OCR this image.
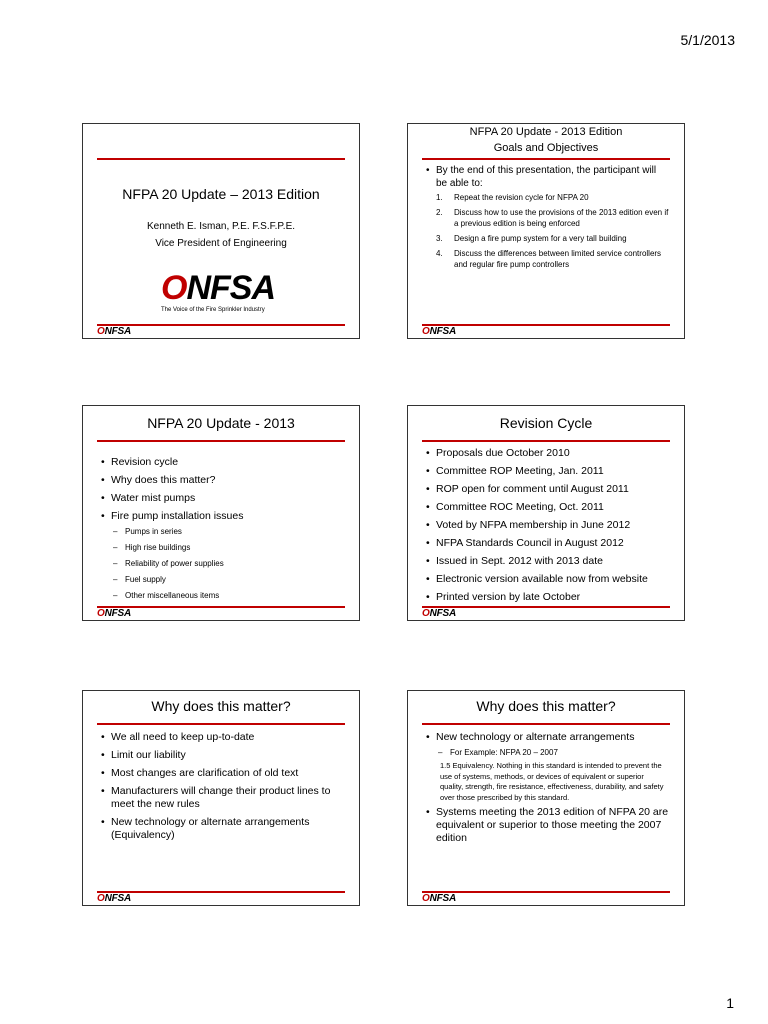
5/1/2013
NFPA 20 Update – 2013 Edition
Kenneth E. Isman, P.E. F.S.F.P.E.
Vice President of Engineering
ONFSA
The Voice of the Fire Sprinkler Industry
ONFSA
NFPA 20 Update - 2013 Edition
Goals and Objectives
• By the end of this presentation, the participant will be able to:
1. Repeat the revision cycle for NFPA 20
2. Discuss how to use the provisions of the 2013 edition even if a previous edition is being enforced
3. Design a fire pump system for a very tall building
4. Discuss the differences between limited service controllers and regular fire pump controllers
ONFSA
NFPA 20 Update - 2013
• Revision cycle
• Why does this matter?
• Water mist pumps
• Fire pump installation issues
– Pumps in series
– High rise buildings
– Reliability of power supplies
– Fuel supply
– Other miscellaneous items
ONFSA
Revision Cycle
• Proposals due October 2010
• Committee ROP Meeting, Jan. 2011
• ROP open for comment until August 2011
• Committee ROC Meeting, Oct. 2011
• Voted by NFPA membership in June 2012
• NFPA Standards Council in August 2012
• Issued in Sept. 2012 with 2013 date
• Electronic version available now from website
• Printed version by late October
ONFSA
Why does this matter?
• We all need to keep up-to-date
• Limit our liability
• Most changes are clarification of old text
• Manufacturers will change their product lines to meet the new rules
• New technology or alternate arrangements (Equivalency)
ONFSA
Why does this matter?
• New technology or alternate arrangements
– For Example: NFPA 20 – 2007
1.5 Equivalency. Nothing in this standard is intended to prevent the use of systems, methods, or devices of equivalent or superior quality, strength, fire resistance, effectiveness, durability, and safety over those prescribed by this standard.
• Systems meeting the 2013 edition of NFPA 20 are equivalent or superior to those meeting the 2007 edition
ONFSA
1
